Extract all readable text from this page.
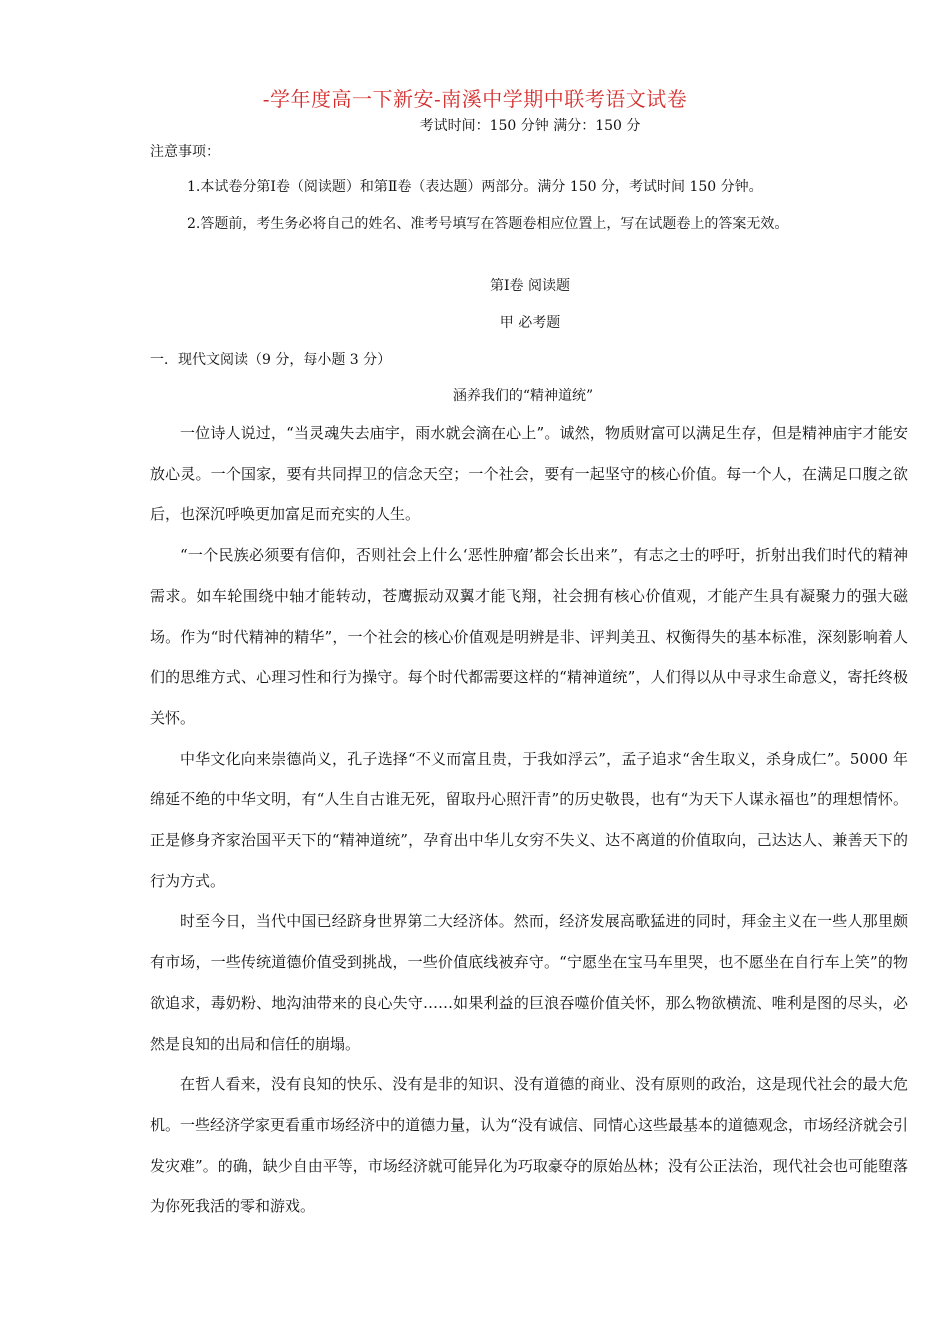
-学年度高一下新安-南溪中学期中联考语文试卷
考试时间：150 分钟 满分：150 分
注意事项：
1.本试卷分第Ⅰ卷（阅读题）和第Ⅱ卷（表达题）两部分。满分 150 分，考试时间 150 分钟。
2.答题前，考生务必将自己的姓名、准考号填写在答题卷相应位置上，写在试题卷上的答案无效。
第Ⅰ卷 阅读题
甲 必考题
一．现代文阅读（9 分，每小题 3 分）
涵养我们的“精神道统”

一位诗人说过，“当灵魂失去庙宇，雨水就会滴在心上”。诚然，物质财富可以满足生存，但是精神庙宇才能安放心灵。一个国家，要有共同捍卫的信念天空；一个社会，要有一起坚守的核心价值。每一个人，在满足口腹之欲后，也深沉呼唤更加富足而充实的人生。

“一个民族必须要有信仰，否则社会上什么‘恶性肿瘤’都会长出来”，有志之士的呼吁，折射出我们时代的精神需求。如车轮围绕中轴才能转动，苍鹰振动双翼才能飞翔，社会拥有核心价值观，才能产生具有凝聚力的强大磁场。作为“时代精神的精华”，一个社会的核心价值观是明辨是非、评判美丑、权衡得失的基本标准，深刻影响着人们的思维方式、心理习性和行为操守。每个时代都需要这样的“精神道统”，人们得以从中寻求生命意义，寄托终极关怀。

中华文化向来崇德尚义，孔子选择“不义而富且贵，于我如浮云”，孟子追求“舍生取义，杀身成仁”。5000 年绵延不绝的中华文明，有“人生自古谁无死，留取丹心照汗青”的历史敬畏，也有“为天下人谋永福也”的理想情怀。正是修身齐家治国平天下的“精神道统”，孕育出中华儿女穷不失义、达不离道的价值取向，己达达人、兼善天下的行为方式。

时至今日，当代中国已经跻身世界第二大经济体。然而，经济发展高歌猛进的同时，拜金主义在一些人那里颇有市场，一些传统道德价值受到挑战，一些价值底线被弃守。“宁愿坐在宝马车里哭，也不愿坐在自行车上笑”的物欲追求，毒奶粉、地沟油带来的良心失守……如果利益的巨浪吞噬价值关怀，那么物欲横流、唯利是图的尽头，必然是良知的出局和信任的崩塌。

在哲人看来，没有良知的快乐、没有是非的知识、没有道德的商业、没有原则的政治，这是现代社会的最大危机。一些经济学家更看重市场经济中的道德力量，认为“没有诚信、同情心这些最基本的道德观念，市场经济就会引发灾难”。的确，缺少自由平等，市场经济就可能异化为巧取豪夺的原始丛林；没有公正法治，现代社会也可能堕落为你死我活的零和游戏。
